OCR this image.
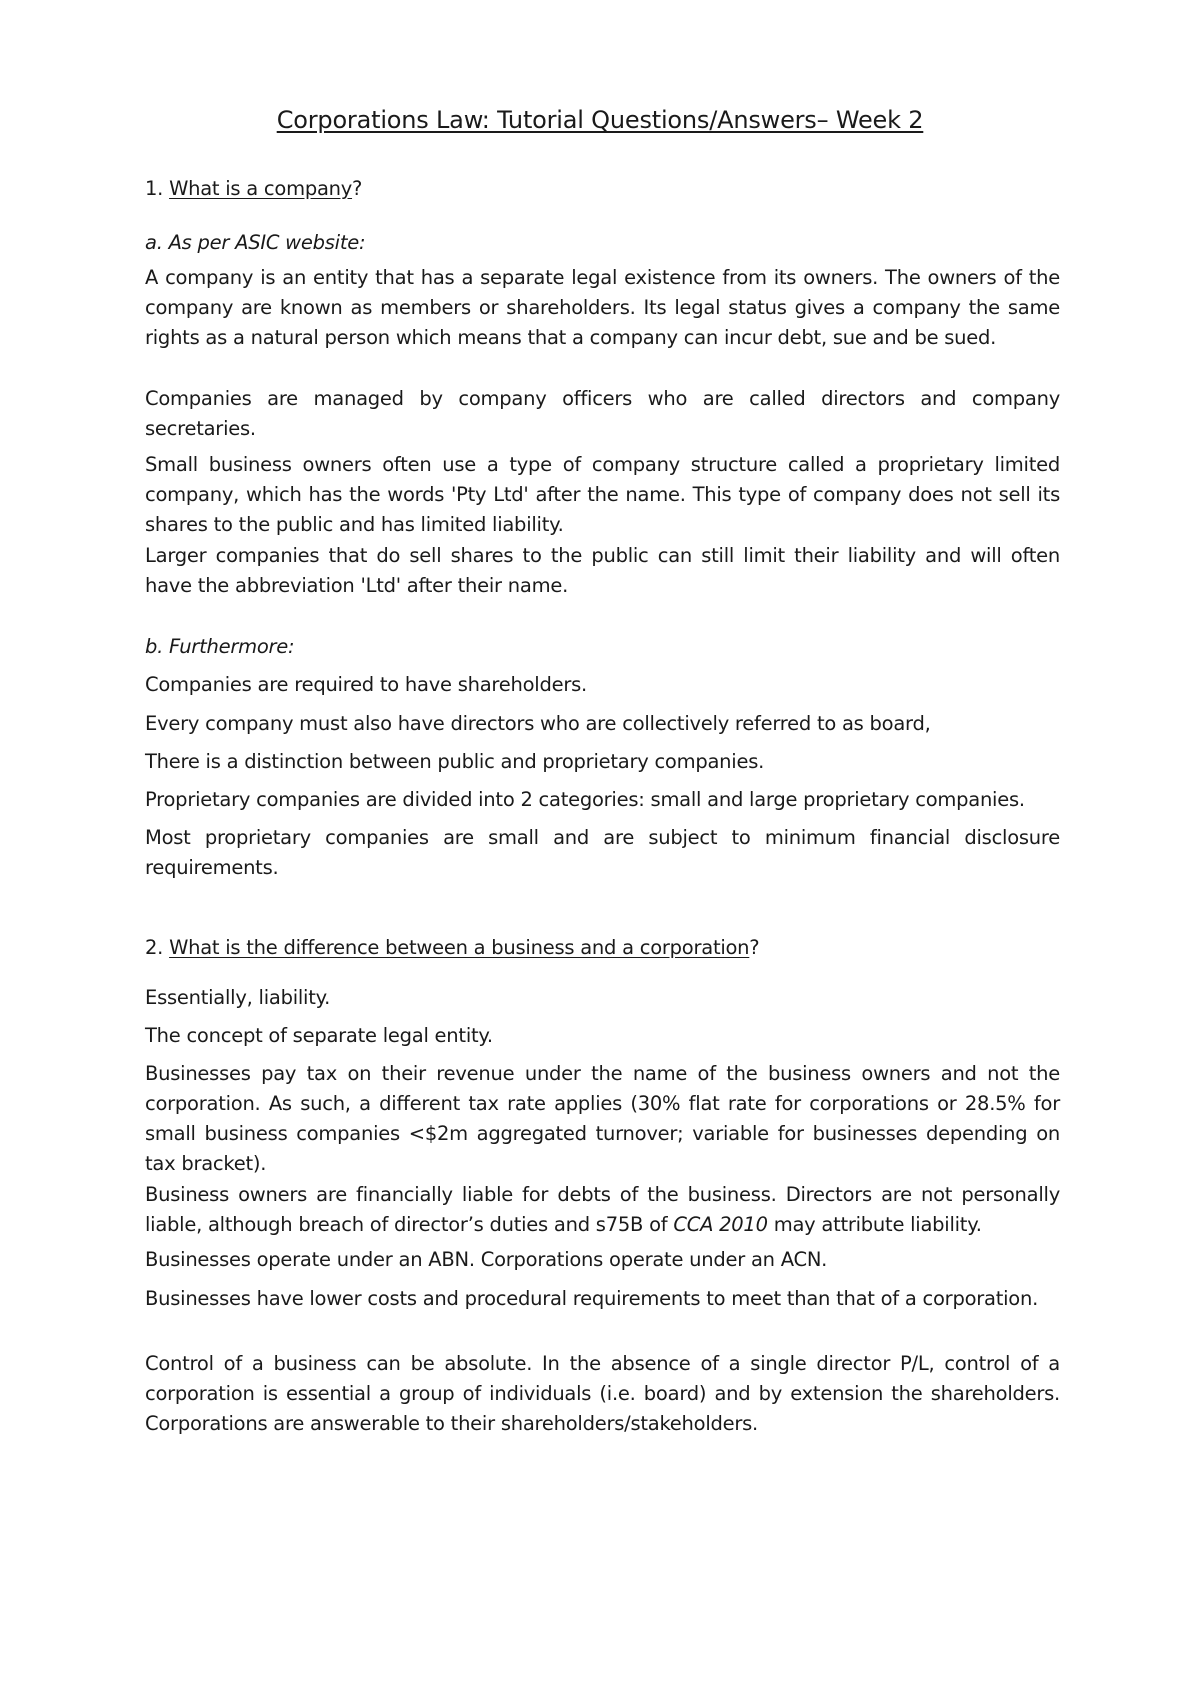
Corporations Law: Tutorial Questions/Answers– Week 2
1. What is a company?
a. As per ASIC website:
A company is an entity that has a separate legal existence from its owners. The owners of the company are known as members or shareholders. Its legal status gives a company the same rights as a natural person which means that a company can incur debt, sue and be sued.
Companies are managed by company officers who are called directors and company secretaries.
Small business owners often use a type of company structure called a proprietary limited company, which has the words 'Pty Ltd' after the name. This type of company does not sell its shares to the public and has limited liability.
Larger companies that do sell shares to the public can still limit their liability and will often have the abbreviation 'Ltd' after their name.
b. Furthermore:
Companies are required to have shareholders.
Every company must also have directors who are collectively referred to as board,
There is a distinction between public and proprietary companies.
Proprietary companies are divided into 2 categories: small and large proprietary companies.
Most proprietary companies are small and are subject to minimum financial disclosure requirements.
2. What is the difference between a business and a corporation?
Essentially, liability.
The concept of separate legal entity.
Businesses pay tax on their revenue under the name of the business owners and not the corporation. As such, a different tax rate applies (30% flat rate for corporations or 28.5% for small business companies <$2m aggregated turnover; variable for businesses depending on tax bracket).
Business owners are financially liable for debts of the business. Directors are not personally liable, although breach of director’s duties and s75B of CCA 2010 may attribute liability.
Businesses operate under an ABN. Corporations operate under an ACN.
Businesses have lower costs and procedural requirements to meet than that of a corporation.
Control of a business can be absolute. In the absence of a single director P/L, control of a corporation is essential a group of individuals (i.e. board) and by extension the shareholders. Corporations are answerable to their shareholders/stakeholders.
